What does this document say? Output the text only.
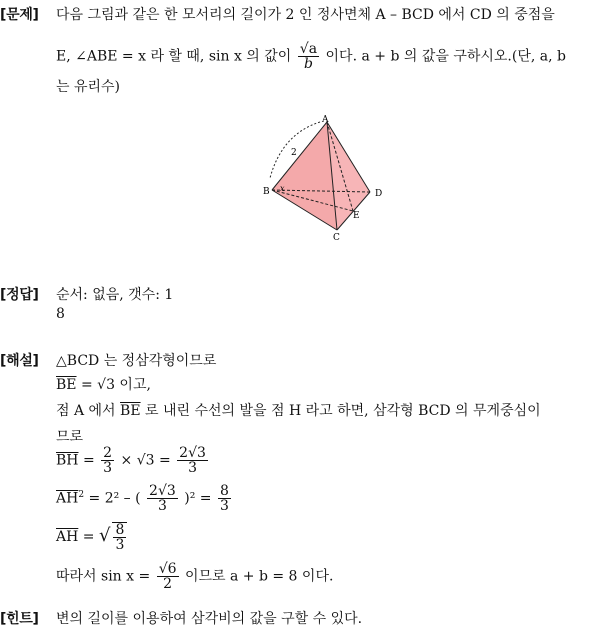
[문제] 다음 그림과 같은 한 모서리의 길이가 2 인 정사면체 A – BCD 에서 CD 의 중점을
E, ∠ABE = x 라 할 때, sin x 의 값이 $\frac{√a}{b}$ 이다. a + b 의 값을 구하시오.(단, a, b
는 유리수)
A
B
C
D
E
2
x
[정답] 순서: 없음, 갯수: 1
8
[해설] △BCD 는 정삼각형이므로
$\overline{BE} = √3$ 이고,
점 A 에서 $\overline{BE}$ 로 내린 수선의 발을 점 H 라고 하면, 삼각형 BCD 의 무게중심이
므로
$\overline{BH} = \frac{2}{3} \times √3 = \frac{2√3}{3}$
$\overline{AH}^2 = 2^2$ – ( $\frac{2√3}{3} )^2 = \frac{8}{3}$
$\overline{AH}$ = √ $\frac{8}{3}$
따라서 $\sin x = \frac{√6}{2}$ 이므로 a + b = 8 이다.
[힌트] 변의 길이를 이용하여 삼각비의 값을 구할 수 있다.
